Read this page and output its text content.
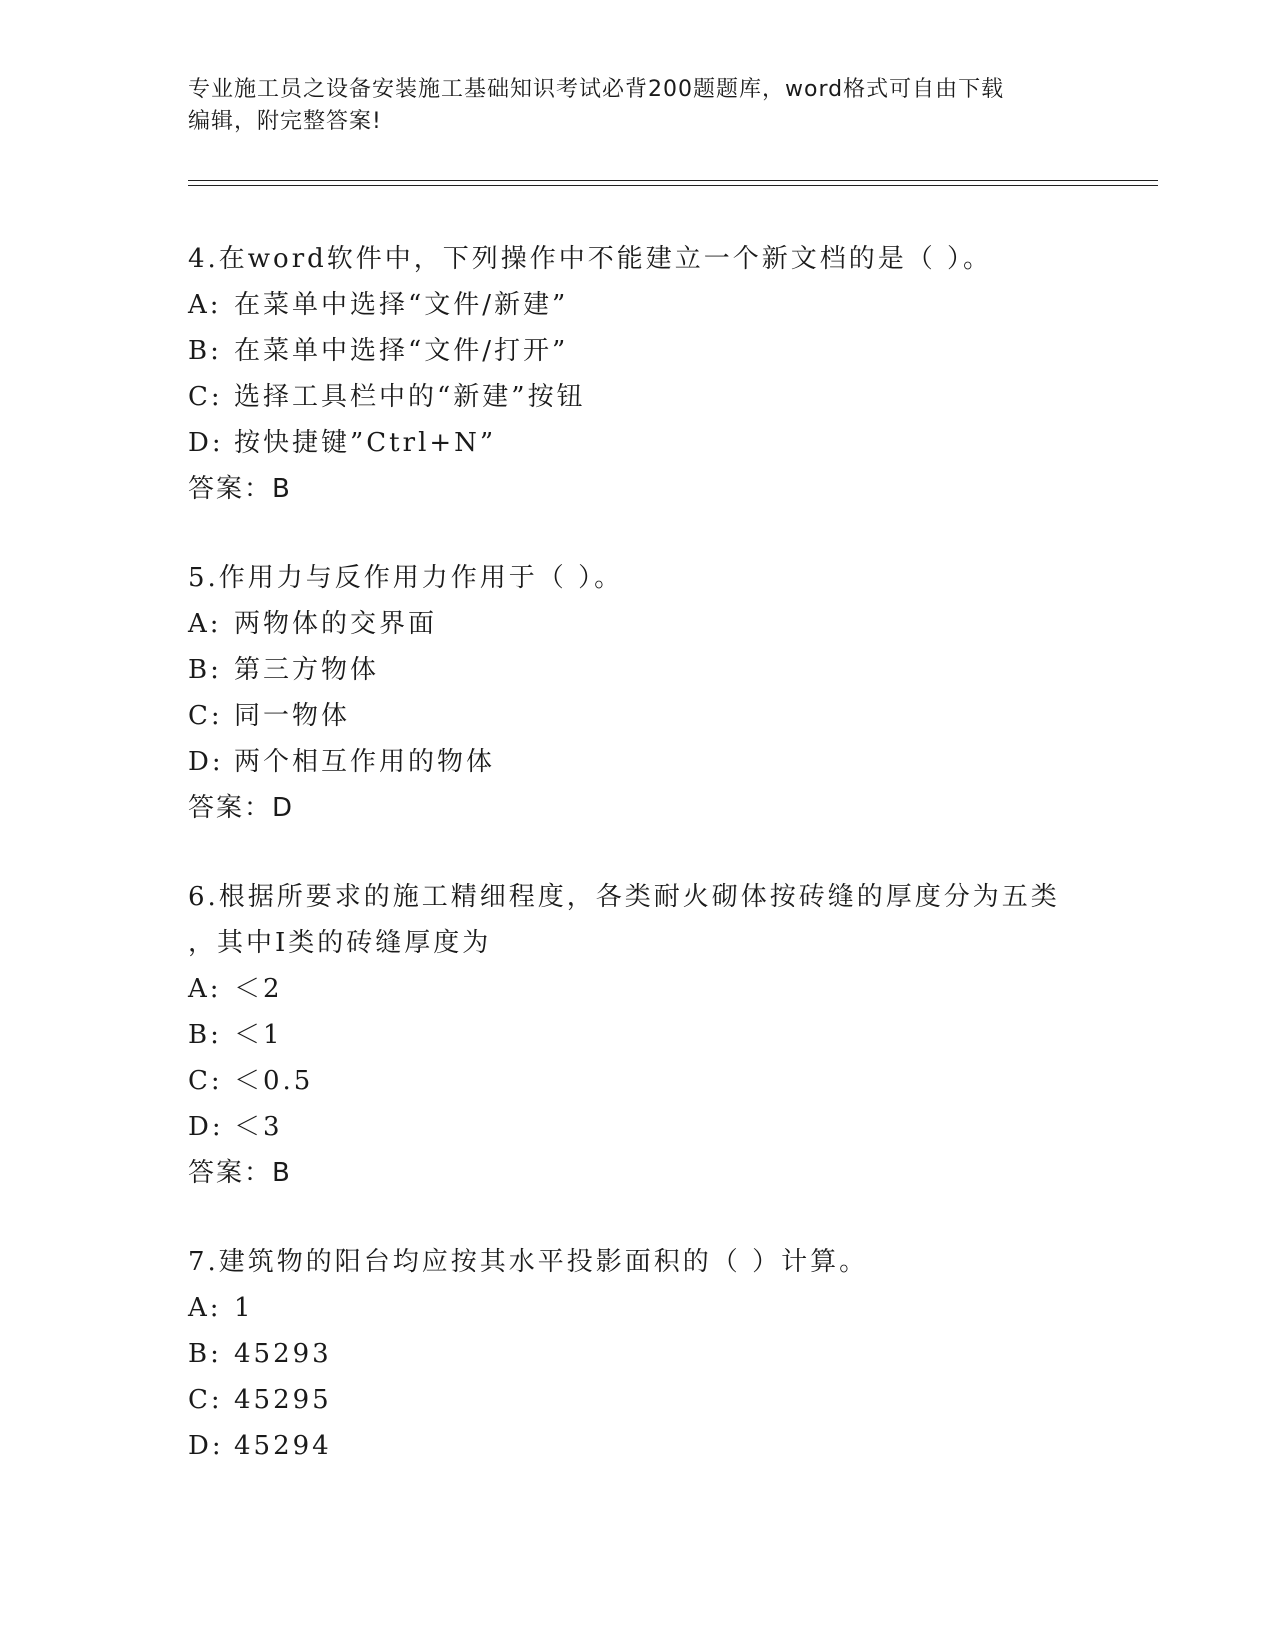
专业施工员之设备安装施工基础知识考试必背200题题库，word格式可自由下载
编辑，附完整答案!
4.在word软件中，下列操作中不能建立一个新文档的是（ ）。
A: 在菜单中选择“文件/新建”
B: 在菜单中选择“文件/打开”
C: 选择工具栏中的“新建”按钮
D: 按快捷键”Ctrl+N”
答案：B
5.作用力与反作用力作用于（ ）。
A: 两物体的交界面
B: 第三方物体
C: 同一物体
D: 两个相互作用的物体
答案：D
6.根据所要求的施工精细程度，各类耐火砌体按砖缝的厚度分为五类
，其中I类的砖缝厚度为
A: ＜2
B: ＜1
C: ＜0.5
D: ＜3
答案：B
7.建筑物的阳台均应按其水平投影面积的（ ）计算。
A: 1
B: 45293
C: 45295
D: 45294
